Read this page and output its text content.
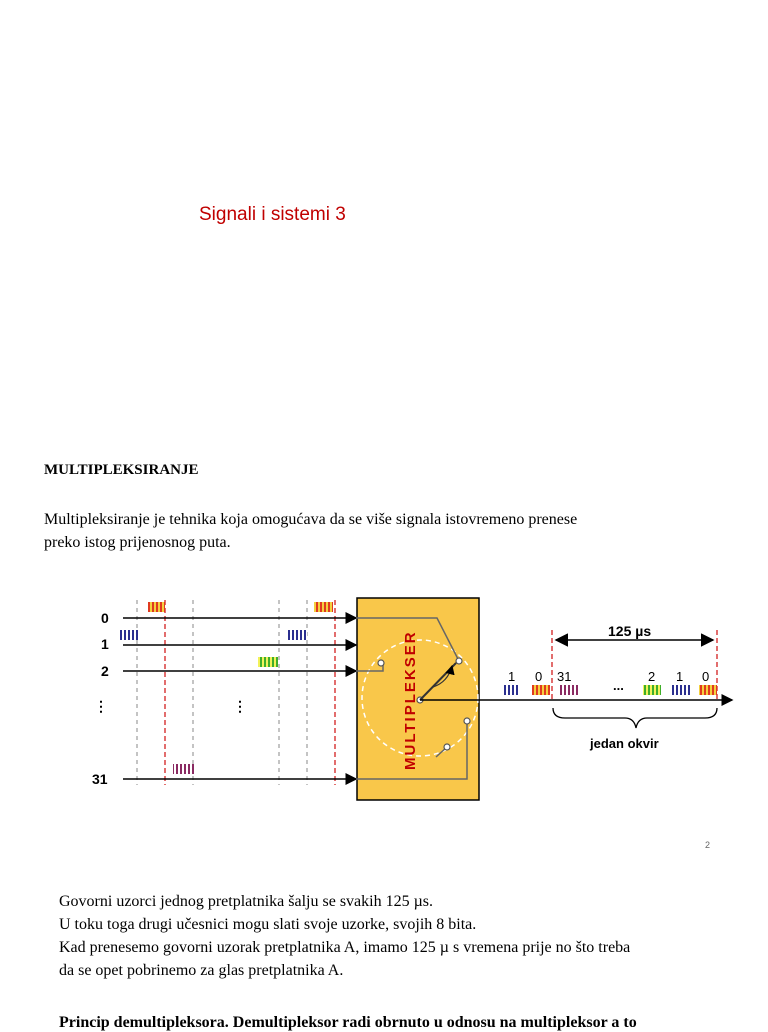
Signali i sistemi 3
MULTIPLEKSIRANJE
Multipleksiranje je tehnika koja omogućava da se više signala istovremeno prenese
preko istog prijenosnog puta.
0
1
2
⋮
31
⋮	MULTIPLEKSER	125 µs
1 0 31
...
2 1 0
jedan okvir
2
Govorni uzorci jednog pretplatnika šalju se svakih 125 µs.
U toku toga drugi učesnici mogu slati svoje uzorke, svojih 8 bita.
Kad prenesemo govorni uzorak pretplatnika A, imamo 125 µ s vremena prije no što treba
da se opet pobrinemo za glas pretplatnika A.
Princip demultipleksora. Demultipleksor radi obrnuto u odnosu na multipleksor a to
